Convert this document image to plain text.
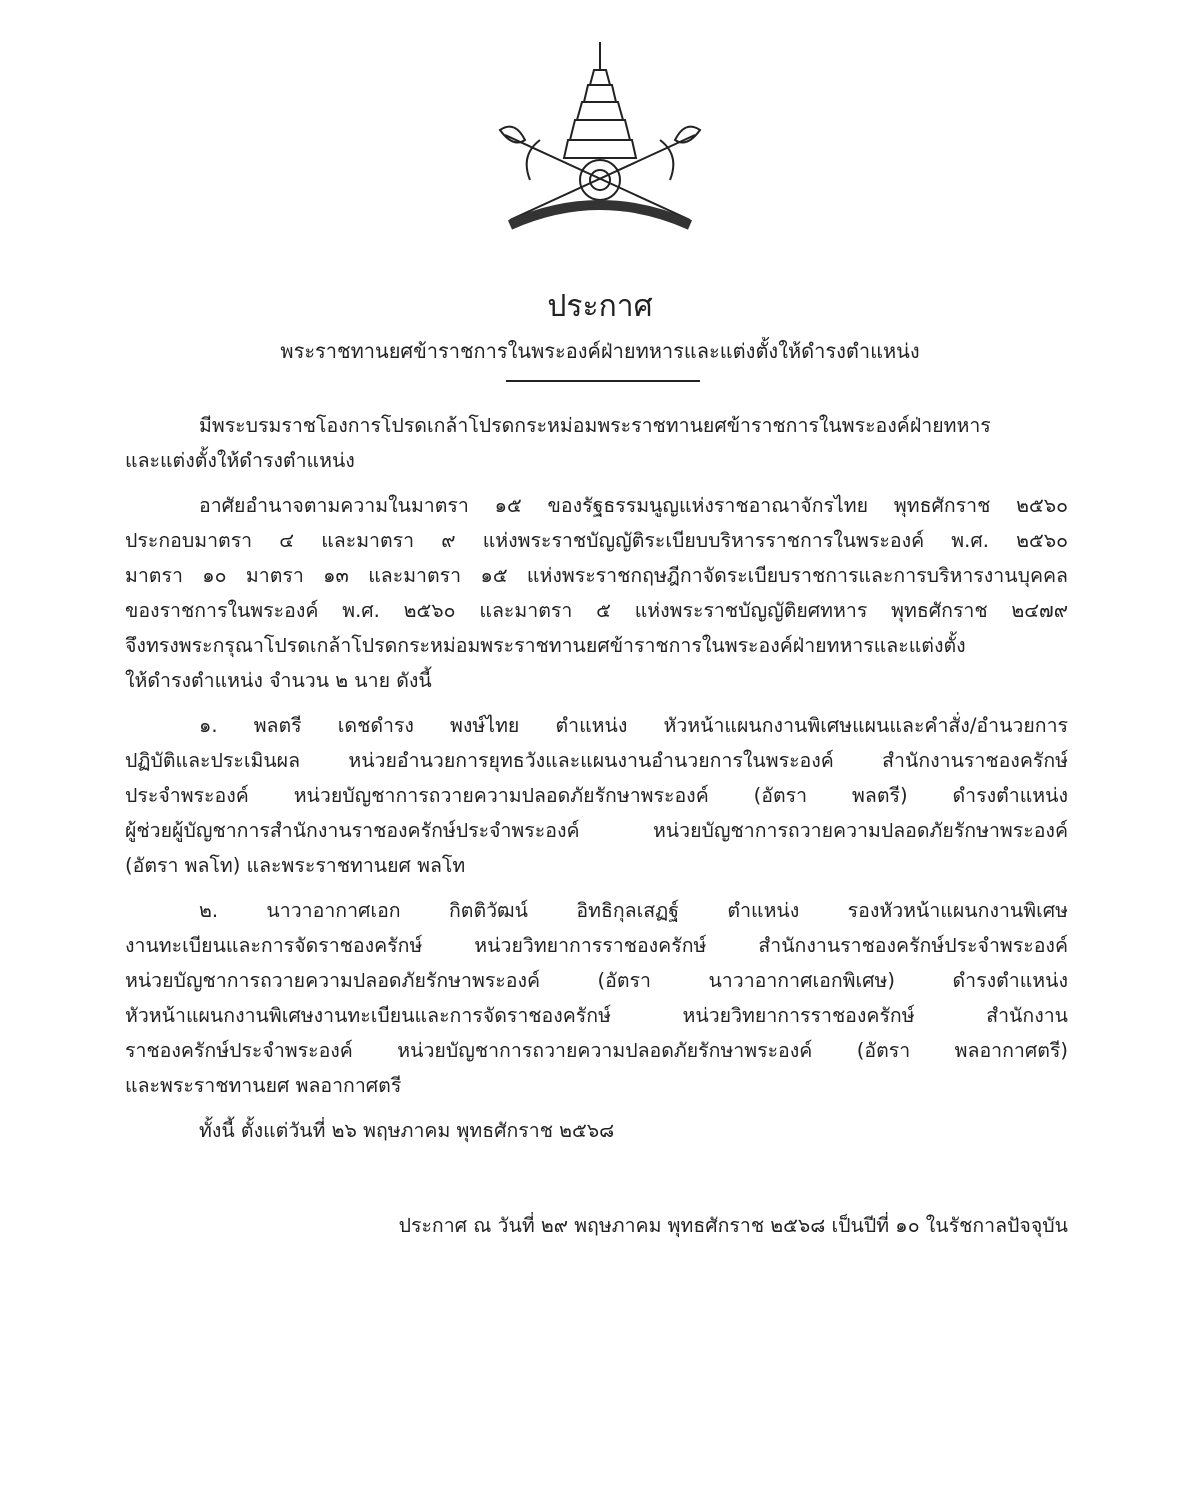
ประกาศ
พระราชทานยศข้าราชการในพระองค์ฝ่ายทหารและแต่งตั้งให้ดำรงตำแหน่ง
มีพระบรมราชโองการโปรดเกล้าโปรดกระหม่อมพระราชทานยศข้าราชการในพระองค์ฝ่ายทหาร
และแต่งตั้งให้ดำรงตำแหน่ง
อาศัยอำนาจตามความในมาตรา ๑๕ ของรัฐธรรมนูญแห่งราชอาณาจักรไทย พุทธศักราช ๒๕๖๐
ประกอบมาตรา ๔ และมาตรา ๙ แห่งพระราชบัญญัติระเบียบบริหารราชการในพระองค์ พ.ศ. ๒๕๖๐
มาตรา ๑๐ มาตรา ๑๓ และมาตรา ๑๕ แห่งพระราชกฤษฎีกาจัดระเบียบราชการและการบริหารงานบุคคล
ของราชการในพระองค์ พ.ศ. ๒๕๖๐ และมาตรา ๕ แห่งพระราชบัญญัติยศทหาร พุทธศักราช ๒๔๗๙
จึงทรงพระกรุณาโปรดเกล้าโปรดกระหม่อมพระราชทานยศข้าราชการในพระองค์ฝ่ายทหารและแต่งตั้ง
ให้ดำรงตำแหน่ง จำนวน ๒ นาย ดังนี้
๑. พลตรี เดชดำรง พงษ์ไทย ตำแหน่ง หัวหน้าแผนกงานพิเศษแผนและคำสั่ง/อำนวยการ
ปฏิบัติและประเมินผล หน่วยอำนวยการยุทธวังและแผนงานอำนวยการในพระองค์ สำนักงานราชองครักษ์
ประจำพระองค์ หน่วยบัญชาการถวายความปลอดภัยรักษาพระองค์ (อัตรา พลตรี) ดำรงตำแหน่ง
ผู้ช่วยผู้บัญชาการสำนักงานราชองครักษ์ประจำพระองค์ หน่วยบัญชาการถวายความปลอดภัยรักษาพระองค์
(อัตรา พลโท) และพระราชทานยศ พลโท
๒. นาวาอากาศเอก กิตติวัฒน์ อิทธิกุลเสฏฐ์ ตำแหน่ง รองหัวหน้าแผนกงานพิเศษ
งานทะเบียนและการจัดราชองครักษ์ หน่วยวิทยาการราชองครักษ์ สำนักงานราชองครักษ์ประจำพระองค์
หน่วยบัญชาการถวายความปลอดภัยรักษาพระองค์ (อัตรา นาวาอากาศเอกพิเศษ) ดำรงตำแหน่ง
หัวหน้าแผนกงานพิเศษงานทะเบียนและการจัดราชองครักษ์ หน่วยวิทยาการราชองครักษ์ สำนักงาน
ราชองครักษ์ประจำพระองค์ หน่วยบัญชาการถวายความปลอดภัยรักษาพระองค์ (อัตรา พลอากาศตรี)
และพระราชทานยศ พลอากาศตรี
ทั้งนี้ ตั้งแต่วันที่ ๒๖ พฤษภาคม พุทธศักราช ๒๕๖๘
ประกาศ ณ วันที่ ๒๙ พฤษภาคม พุทธศักราช ๒๕๖๘ เป็นปีที่ ๑๐ ในรัชกาลปัจจุบัน
